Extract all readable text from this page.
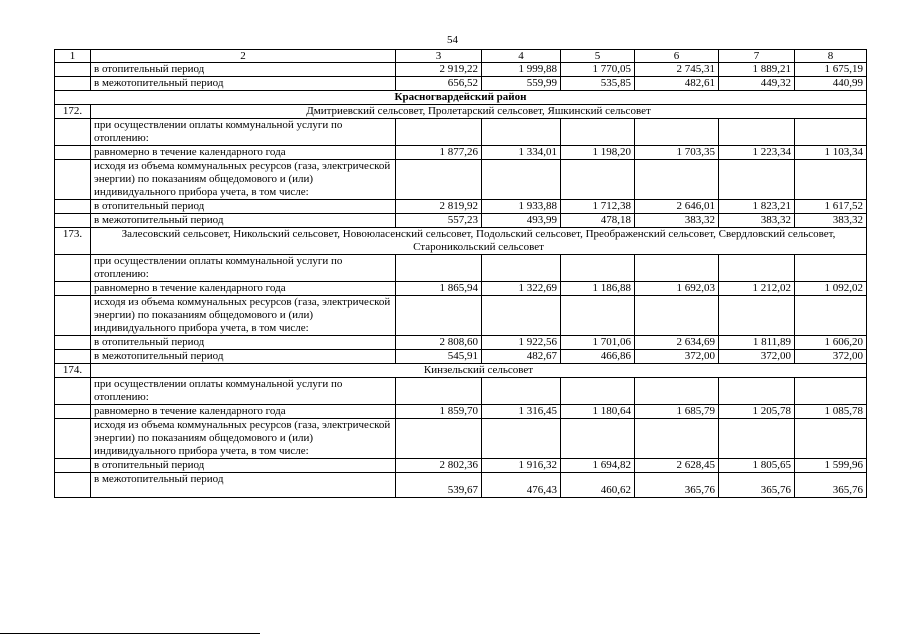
54
1	2	3	4	5	6	7	8
	в отопительный период	2 919,22	1 999,88	1 770,05	2 745,31	1 889,21	1 675,19
	в межотопительный период	656,52	559,99	535,85	482,61	449,32	440,99
Красногвардейский район							
172.	Дмитриевский сельсовет, Пролетарский сельсовет, Яшкинский сельсовет						
	при осуществлении оплаты коммунальной услуги по отоплению:						
	равномерно в течение календарного года	1 877,26	1 334,01	1 198,20	1 703,35	1 223,34	1 103,34
	исходя из объема коммунальных ресурсов (газа, электрической энергии) по показаниям общедомового и (или) индивидуального прибора учета, в том числе:						
	в отопительный период	2 819,92	1 933,88	1 712,38	2 646,01	1 823,21	1 617,52
	в межотопительный период	557,23	493,99	478,18	383,32	383,32	383,32
173.	Залесовский сельсовет, Никольский сельсовет, Новоюласенский сельсовет, Подольский сельсовет, Преображенский сельсовет, Свердловский сельсовет, Староникольский сельсовет						
	при осуществлении оплаты коммунальной услуги по отоплению:						
	равномерно в течение календарного года	1 865,94	1 322,69	1 186,88	1 692,03	1 212,02	1 092,02
	исходя из объема коммунальных ресурсов (газа, электрической энергии) по показаниям общедомового и (или) индивидуального прибора учета, в том числе:						
	в отопительный период	2 808,60	1 922,56	1 701,06	2 634,69	1 811,89	1 606,20
	в межотопительный период	545,91	482,67	466,86	372,00	372,00	372,00
174.	Кинзельский сельсовет						
	при осуществлении оплаты коммунальной услуги по отоплению:						
	равномерно в течение календарного года	1 859,70	1 316,45	1 180,64	1 685,79	1 205,78	1 085,78
	исходя из объема коммунальных ресурсов (газа, электрической энергии) по показаниям общедомового и (или) индивидуального прибора учета, в том числе:						
	в отопительный период	2 802,36	1 916,32	1 694,82	2 628,45	1 805,65	1 599,96
	в межотопительный период	539,67	476,43	460,62	365,76	365,76	365,76
